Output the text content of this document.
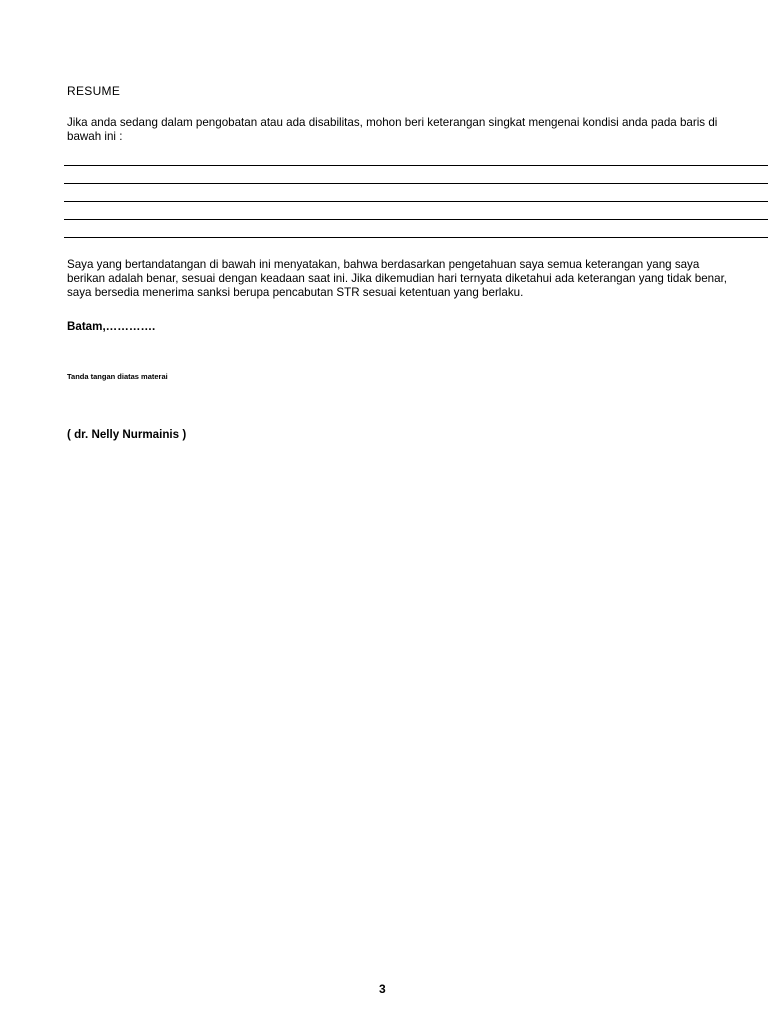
RESUME
Jika anda sedang dalam pengobatan atau ada disabilitas, mohon beri keterangan singkat mengenai kondisi anda pada baris di
bawah ini :
Saya yang bertandatangan di bawah ini menyatakan, bahwa berdasarkan pengetahuan saya semua keterangan yang saya
berikan adalah benar, sesuai dengan keadaan saat ini. Jika dikemudian hari ternyata diketahui ada keterangan yang tidak benar,
saya bersedia menerima sanksi berupa pencabutan STR sesuai ketentuan yang berlaku.
Batam,………….
Tanda tangan diatas materai
( dr. Nelly Nurmainis )
3
